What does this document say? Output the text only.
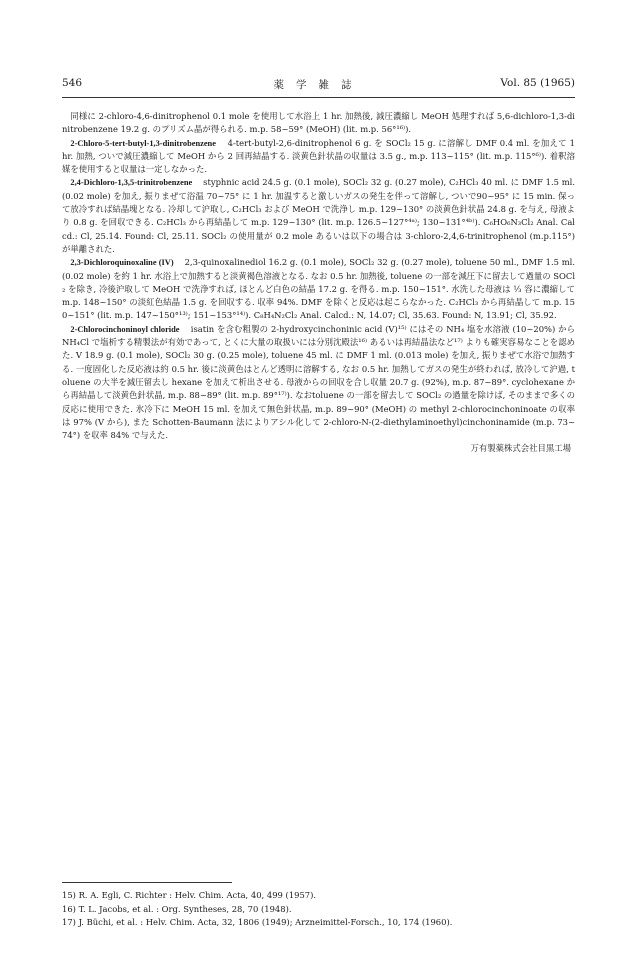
546	薬学雑誌	Vol. 85 (1965)

同様に 2-chloro-4,6-dinitrophenol 0.1 mole を使用して水浴上 1 hr. 加熱後, 減圧濃縮し MeOH 処理すれば 5,6-dichloro-1,3-dinitrobenzene 19.2 g. のプリズム晶が得られる. m.p. 58~59° (MeOH) (lit. m.p. 56°¹⁶⁾).

2-Chloro-5-tert-butyl-1,3-dinitrobenzene 4-tert-butyl-2,6-dinitrophenol 6 g. を SOCl₂ 15 g. に溶解し DMF 0.4 ml. を加えて 1 hr. 加熱, ついで減圧濃縮して MeOH から 2 回再結晶する. 淡黄色針状晶の収量は 3.5 g., m.p. 113~115° (lit. m.p. 115°⁶⁾). 着釈溶媒を使用すると収量は一定しなかった.

2,4-Dichloro-1,3,5-trinitrobenzene styphnic acid 24.5 g. (0.1 mole), SOCl₂ 32 g. (0.27 mole), C₂HCl₃ 40 ml. に DMF 1.5 ml. (0.02 mole) を加え, 振りまぜて浴温 70~75° に 1 hr. 加温すると激しいガスの発生を伴って溶解し, ついで90~95° に 15 min. 保って放冷すれば結晶塊となる. 冷却して沪取し, C₂HCl₃ および MeOH で洗浄し m.p. 129~130° の淡黄色針状晶 24.8 g. を与え, 母液より 0.8 g. を回収できる. C₂HCl₃ から再結晶して m.p. 129~130° (lit. m.p. 126.5~127°⁴ᵃ⁾; 130~131°⁴ᵇ⁾). C₆HO₆N₃Cl₂ Anal. Calcd.: Cl, 25.14. Found: Cl, 25.11. SOCl₂ の使用量が 0.2 mole あるいは以下の場合は 3-chloro-2,4,6-trinitrophenol (m.p.115°) が単離された.

2,3-Dichloroquinoxaline (IV) 2,3-quinoxalinediol 16.2 g. (0.1 mole), SOCl₂ 32 g. (0.27 mole), toluene 50 ml., DMF 1.5 ml. (0.02 mole) を約 1 hr. 水浴上で加熱すると淡黄褐色溶液となる. なお 0.5 hr. 加熱後, toluene の一部を減圧下に留去して過量の SOCl₂ を除き, 冷後沪取して MeOH で洗浄すれば, ほとんど白色の結晶 17.2 g. を得る. m.p. 150~151°. 水洗した母液は ⅓ 容に濃縮して m.p. 148~150° の淡紅色結晶 1.5 g. を回収する. 収率 94%. DMF を除くと反応は起こらなかった. C₂HCl₃ から再結晶して m.p. 150~151° (lit. m.p. 147~150°¹³⁾; 151~153°¹⁴⁾). C₈H₄N₂Cl₂ Anal. Calcd.: N, 14.07; Cl, 35.63. Found: N, 13.91; Cl, 35.92.

2-Chlorocinchoninoyl chloride isatin を含む粗製の 2-hydroxycinchoninic acid (V)¹⁵⁾ にはその NH₄ 塩を水溶液 (10~20%) から NH₄Cl で塩析する精製法が有効であって, とくに大量の取扱いには分別沈殿法¹⁶⁾ あるいは再結晶法など¹⁷⁾ よりも確実容易なことを認めた. V 18.9 g. (0.1 mole), SOCl₂ 30 g. (0.25 mole), toluene 45 ml. に DMF 1 ml. (0.013 mole) を加え, 振りまぜて水浴で加熱する. 一度固化した反応液は約 0.5 hr. 後に淡黄色はとんど透明に溶解する, なお 0.5 hr. 加熱してガスの発生が終われば, 放冷して沪過, toluene の大半を減圧留去し hexane を加えて析出させる. 母液からの回収を合し収量 20.7 g. (92%), m.p. 87~89°. cyclohexane から再結晶して淡黄色針状晶, m.p. 88~89° (lit. m.p. 89°¹⁷⁾). なおtoluene の一部を留去して SOCl₂ の過量を除けば, そのままで多くの反応に使用できた. 氷冷下に MeOH 15 ml. を加えて無色針状晶, m.p. 89~90° (MeOH) の methyl 2-chlorocinchoninoate の収率は 97% (V から), また Schotten-Baumann 法によりアシル化して 2-chloro-N-(2-diethylaminoethyl)cinchoninamide (m.p. 73~74°) を収率 84% で与えた.

万有製薬株式会社目黒工場

15) R. A. Egli, C. Richter : Helv. Chim. Acta, 40, 499 (1957).

16) T. L. Jacobs, et al. : Org. Syntheses, 28, 70 (1948).

17) J. Büchi, et al. : Helv. Chim. Acta, 32, 1806 (1949); Arzneimittel-Forsch., 10, 174 (1960).
